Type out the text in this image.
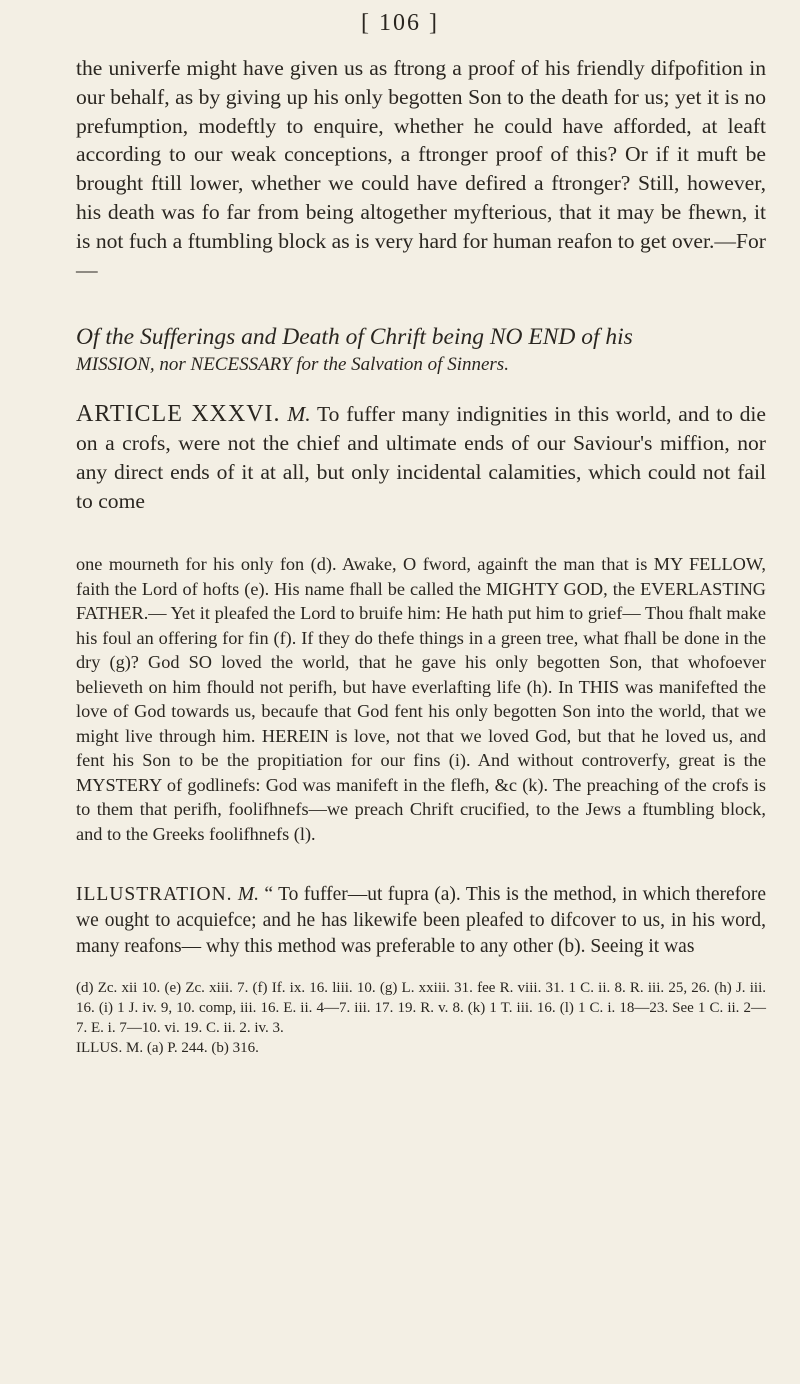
[ 106 ]

the univerfe might have given us as ftrong a proof of his friendly difpofition in our behalf, as by giving up his only begotten Son to the death for us; yet it is no prefumption, modeftly to enquire, whether he could have afforded, at leaft according to our weak conceptions, a ftronger proof of this? Or if it muft be brought ftill lower, whether we could have defired a ftronger? Still, however, his death was fo far from being altogether myfterious, that it may be fhewn, it is not fuch a ftumbling block as is very hard for human reafon to get over.—For—

Of the Sufferings and Death of Chrift being NO END of his

MISSION, nor NECESSARY for the Salvation of Sinners.

ARTICLE XXXVI. M. To fuffer many indignities in this world, and to die on a crofs, were not the chief and ultimate ends of our Saviour's miffion, nor any direct ends of it at all, but only incidental calamities, which could not fail to come

one mourneth for his only fon (d). Awake, O fword, againft the man that is MY FELLOW, faith the Lord of hofts (e). His name fhall be called the MIGHTY GOD, the EVERLASTING FATHER.— Yet it pleafed the Lord to bruife him: He hath put him to grief— Thou fhalt make his foul an offering for fin (f). If they do thefe things in a green tree, what fhall be done in the dry (g)? God SO loved the world, that he gave his only begotten Son, that whofoever believeth on him fhould not perifh, but have everlafting life (h). In THIS was manifefted the love of God towards us, becaufe that God fent his only begotten Son into the world, that we might live through him. HEREIN is love, not that we loved God, but that he loved us, and fent his Son to be the propitiation for our fins (i). And without controverfy, great is the MYSTERY of godlinefs: God was manifeft in the flefh, &c (k). The preaching of the crofs is to them that perifh, foolifhnefs—we preach Chrift crucified, to the Jews a ftumbling block, and to the Greeks foolifhnefs (l).

ILLUSTRATION. M. “ To fuffer—ut fupra (a). This is the method, in which therefore we ought to acquiefce; and he has likewife been pleafed to difcover to us, in his word, many reafons— why this method was preferable to any other (b). Seeing it was

(d) Zc. xii 10. (e) Zc. xiii. 7. (f) If. ix. 16. liii. 10. (g) L. xxiii. 31. fee R. viii. 31. 1 C. ii. 8. R. iii. 25, 26. (h) J. iii. 16. (i) 1 J. iv. 9, 10. comp, iii. 16. E. ii. 4—7. iii. 17. 19. R. v. 8. (k) 1 T. iii. 16. (l) 1 C. i. 18—23. See 1 C. ii. 2—7. E. i. 7—10. vi. 19. C. ii. 2. iv. 3.

ILLUS. M. (a) P. 244. (b) 316.
